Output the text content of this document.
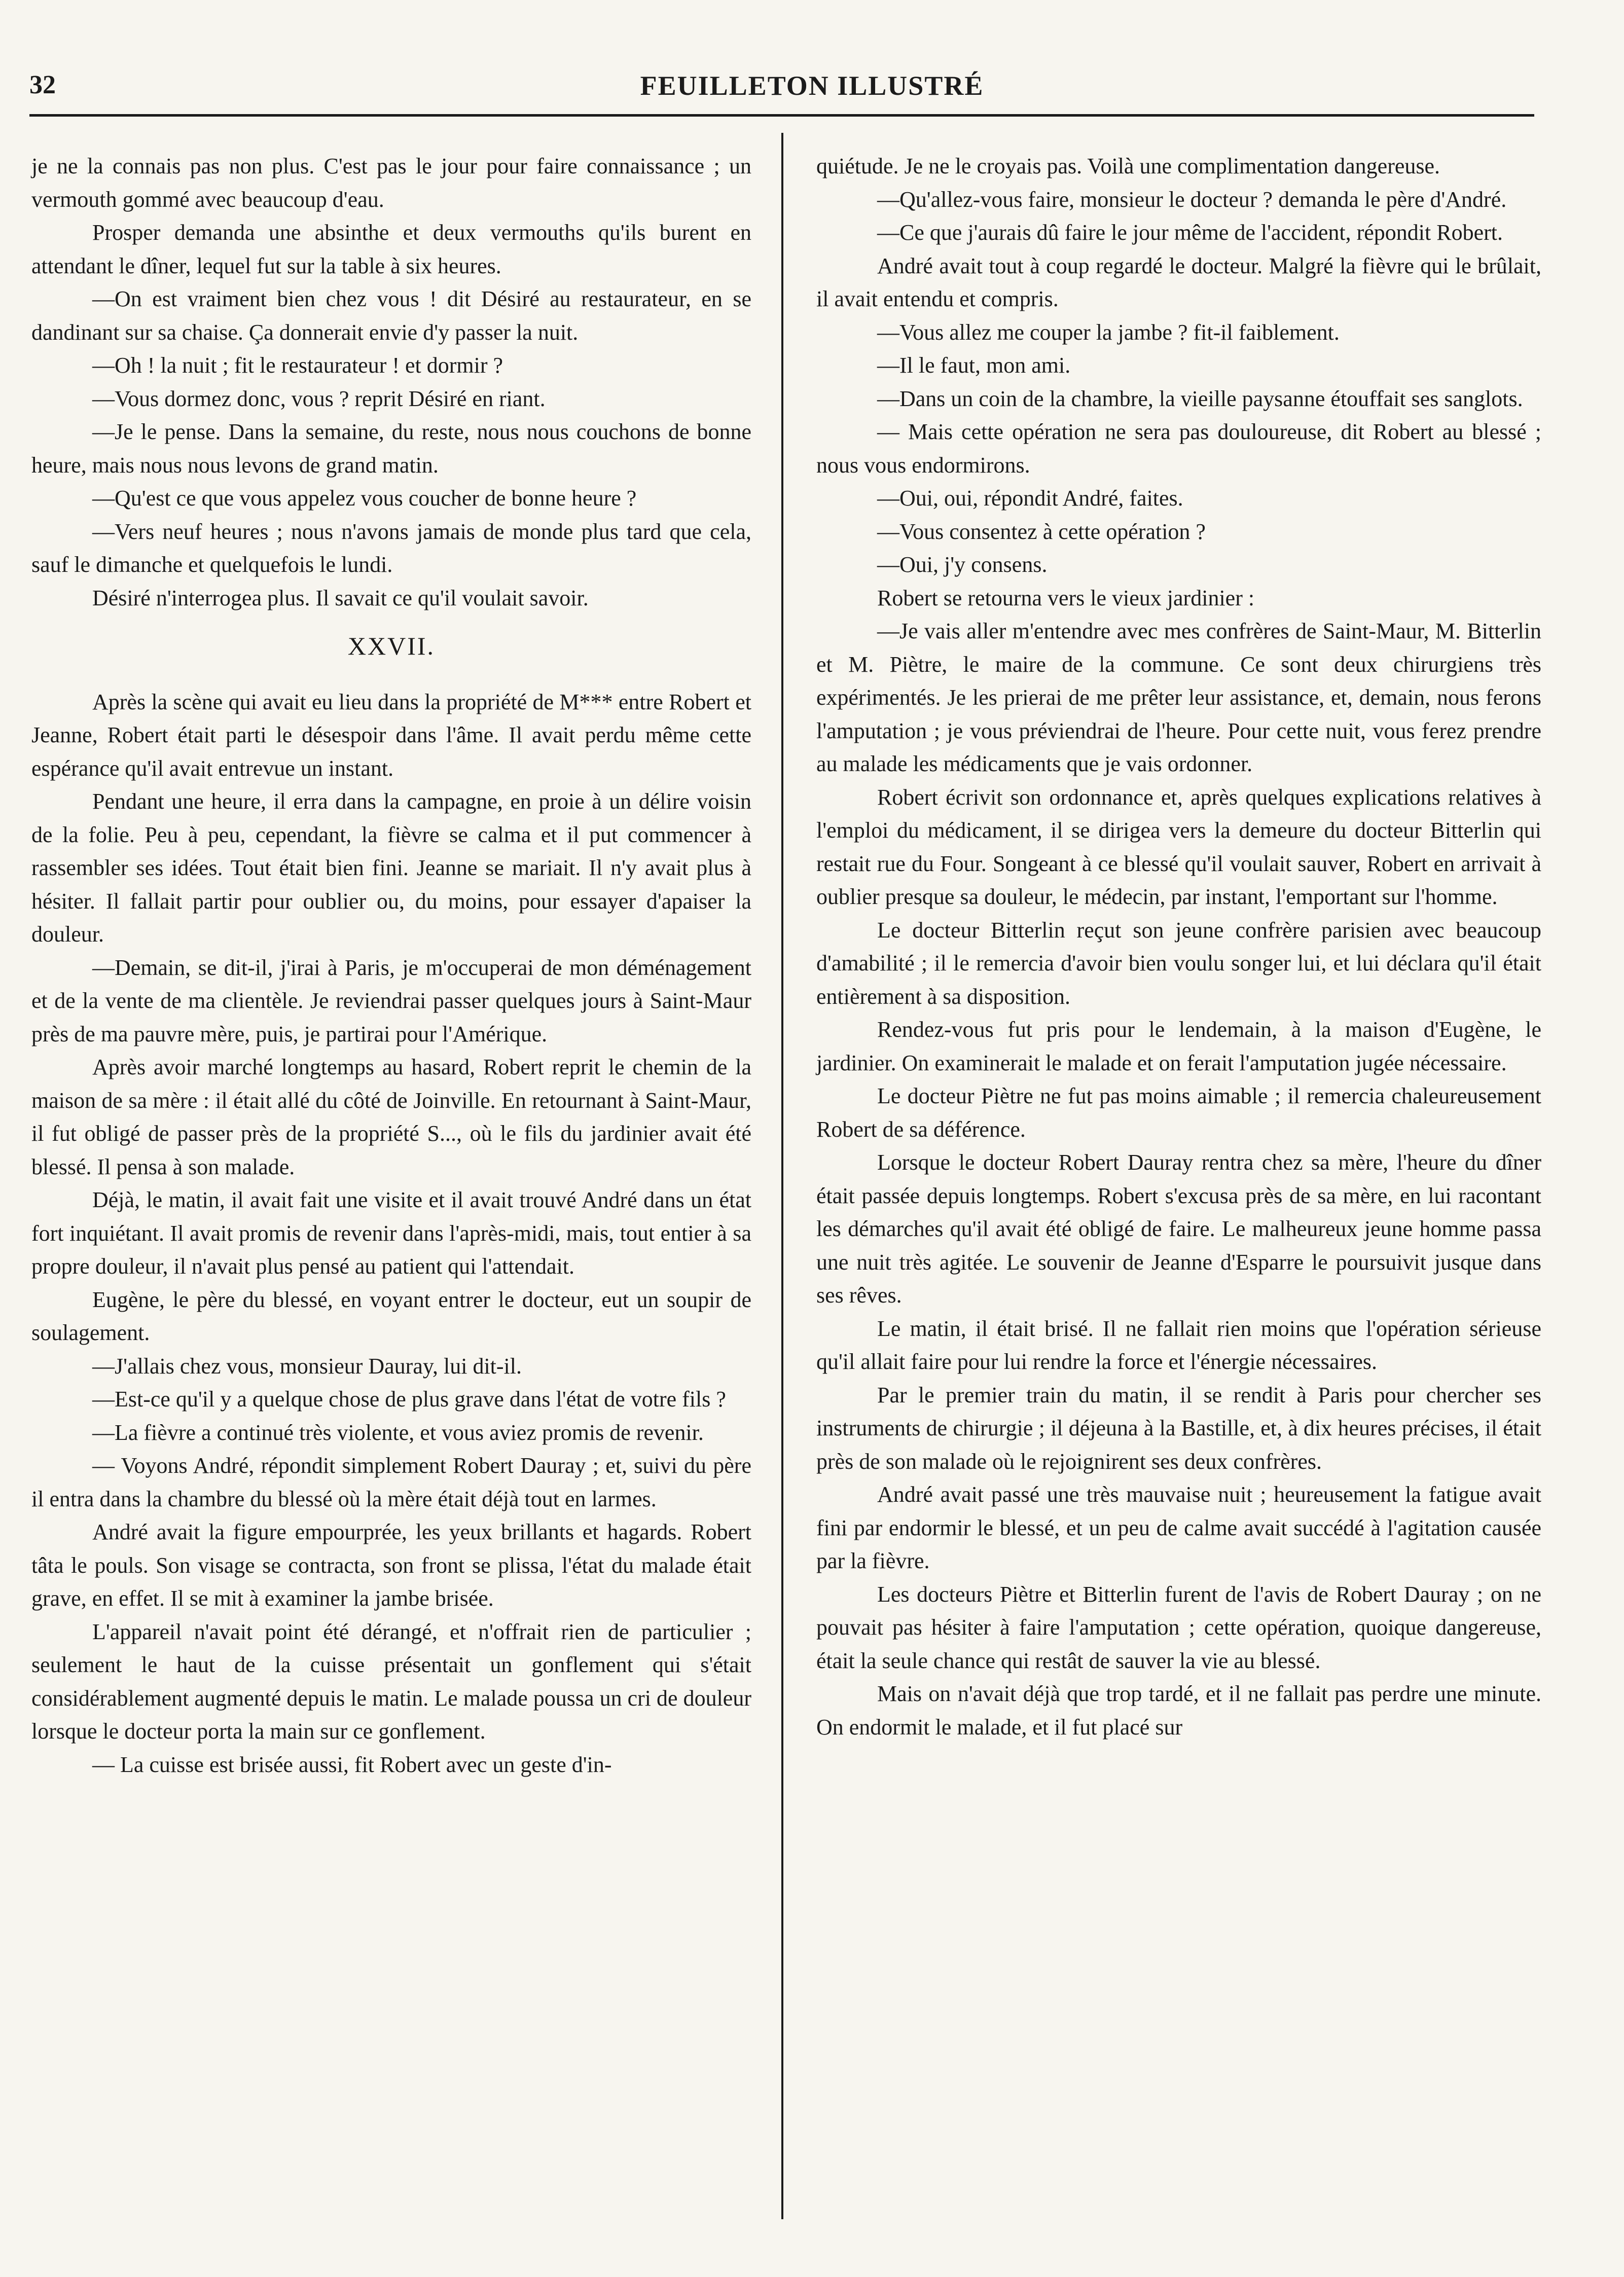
32	FEUILLETON ILLUSTRÉ

je ne la connais pas non plus. C'est pas le jour pour faire connaissance ; un vermouth gommé avec beaucoup d'eau.

Prosper demanda une absinthe et deux vermouths qu'ils burent en attendant le dîner, lequel fut sur la table à six heures.

—On est vraiment bien chez vous ! dit Désiré au restaurateur, en se dandinant sur sa chaise. Ça donnerait envie d'y passer la nuit.

—Oh ! la nuit ; fit le restaurateur ! et dormir ?

—Vous dormez donc, vous ? reprit Désiré en riant.

—Je le pense. Dans la semaine, du reste, nous nous couchons de bonne heure, mais nous nous levons de grand matin.

—Qu'est ce que vous appelez vous coucher de bonne heure ?

—Vers neuf heures ; nous n'avons jamais de monde plus tard que cela, sauf le dimanche et quelquefois le lundi.

Désiré n'interrogea plus. Il savait ce qu'il voulait savoir.

XXVII.

Après la scène qui avait eu lieu dans la propriété de M*** entre Robert et Jeanne, Robert était parti le désespoir dans l'âme. Il avait perdu même cette espérance qu'il avait entrevue un instant.

Pendant une heure, il erra dans la campagne, en proie à un délire voisin de la folie. Peu à peu, cependant, la fièvre se calma et il put commencer à rassembler ses idées. Tout était bien fini. Jeanne se mariait. Il n'y avait plus à hésiter. Il fallait partir pour oublier ou, du moins, pour essayer d'apaiser la douleur.

—Demain, se dit-il, j'irai à Paris, je m'occuperai de mon déménagement et de la vente de ma clientèle. Je reviendrai passer quelques jours à Saint-Maur près de ma pauvre mère, puis, je partirai pour l'Amérique.

Après avoir marché longtemps au hasard, Robert reprit le chemin de la maison de sa mère : il était allé du côté de Joinville. En retournant à Saint-Maur, il fut obligé de passer près de la propriété S..., où le fils du jardinier avait été blessé. Il pensa à son malade.

Déjà, le matin, il avait fait une visite et il avait trouvé André dans un état fort inquiétant. Il avait promis de revenir dans l'après-midi, mais, tout entier à sa propre douleur, il n'avait plus pensé au patient qui l'attendait.

Eugène, le père du blessé, en voyant entrer le docteur, eut un soupir de soulagement.

—J'allais chez vous, monsieur Dauray, lui dit-il.

—Est-ce qu'il y a quelque chose de plus grave dans l'état de votre fils ?

—La fièvre a continué très violente, et vous aviez promis de revenir.

— Voyons André, répondit simplement Robert Dauray ; et, suivi du père il entra dans la chambre du blessé où la mère était déjà tout en larmes.

André avait la figure empourprée, les yeux brillants et hagards. Robert tâta le pouls. Son visage se contracta, son front se plissa, l'état du malade était grave, en effet. Il se mit à examiner la jambe brisée.

L'appareil n'avait point été dérangé, et n'offrait rien de particulier ; seulement le haut de la cuisse présentait un gonflement qui s'était considérablement augmenté depuis le matin. Le malade poussa un cri de douleur lorsque le docteur porta la main sur ce gonflement.

— La cuisse est brisée aussi, fit Robert avec un geste d'in-

quiétude. Je ne le croyais pas. Voilà une complimentation dangereuse.

—Qu'allez-vous faire, monsieur le docteur ? demanda le père d'André.

—Ce que j'aurais dû faire le jour même de l'accident, répondit Robert.

André avait tout à coup regardé le docteur. Malgré la fièvre qui le brûlait, il avait entendu et compris.

—Vous allez me couper la jambe ? fit-il faiblement.

—Il le faut, mon ami.

—Dans un coin de la chambre, la vieille paysanne étouffait ses sanglots.

— Mais cette opération ne sera pas douloureuse, dit Robert au blessé ; nous vous endormirons.

—Oui, oui, répondit André, faites.

—Vous consentez à cette opération ?

—Oui, j'y consens.

Robert se retourna vers le vieux jardinier :

—Je vais aller m'entendre avec mes confrères de Saint-Maur, M. Bitterlin et M. Piètre, le maire de la commune. Ce sont deux chirurgiens très expérimentés. Je les prierai de me prêter leur assistance, et, demain, nous ferons l'amputation ; je vous préviendrai de l'heure. Pour cette nuit, vous ferez prendre au malade les médicaments que je vais ordonner.

Robert écrivit son ordonnance et, après quelques explications relatives à l'emploi du médicament, il se dirigea vers la demeure du docteur Bitterlin qui restait rue du Four. Songeant à ce blessé qu'il voulait sauver, Robert en arrivait à oublier presque sa douleur, le médecin, par instant, l'emportant sur l'homme.

Le docteur Bitterlin reçut son jeune confrère parisien avec beaucoup d'amabilité ; il le remercia d'avoir bien voulu songer lui, et lui déclara qu'il était entièrement à sa disposition.

Rendez-vous fut pris pour le lendemain, à la maison d'Eugène, le jardinier. On examinerait le malade et on ferait l'amputation jugée nécessaire.

Le docteur Piètre ne fut pas moins aimable ; il remercia chaleureusement Robert de sa déférence.

Lorsque le docteur Robert Dauray rentra chez sa mère, l'heure du dîner était passée depuis longtemps. Robert s'excusa près de sa mère, en lui racontant les démarches qu'il avait été obligé de faire. Le malheureux jeune homme passa une nuit très agitée. Le souvenir de Jeanne d'Esparre le poursuivit jusque dans ses rêves.

Le matin, il était brisé. Il ne fallait rien moins que l'opération sérieuse qu'il allait faire pour lui rendre la force et l'énergie nécessaires.

Par le premier train du matin, il se rendit à Paris pour chercher ses instruments de chirurgie ; il déjeuna à la Bastille, et, à dix heures précises, il était près de son malade où le rejoignirent ses deux confrères.

André avait passé une très mauvaise nuit ; heureusement la fatigue avait fini par endormir le blessé, et un peu de calme avait succédé à l'agitation causée par la fièvre.

Les docteurs Piètre et Bitterlin furent de l'avis de Robert Dauray ; on ne pouvait pas hésiter à faire l'amputation ; cette opération, quoique dangereuse, était la seule chance qui restât de sauver la vie au blessé.

Mais on n'avait déjà que trop tardé, et il ne fallait pas perdre une minute. On endormit le malade, et il fut placé sur
